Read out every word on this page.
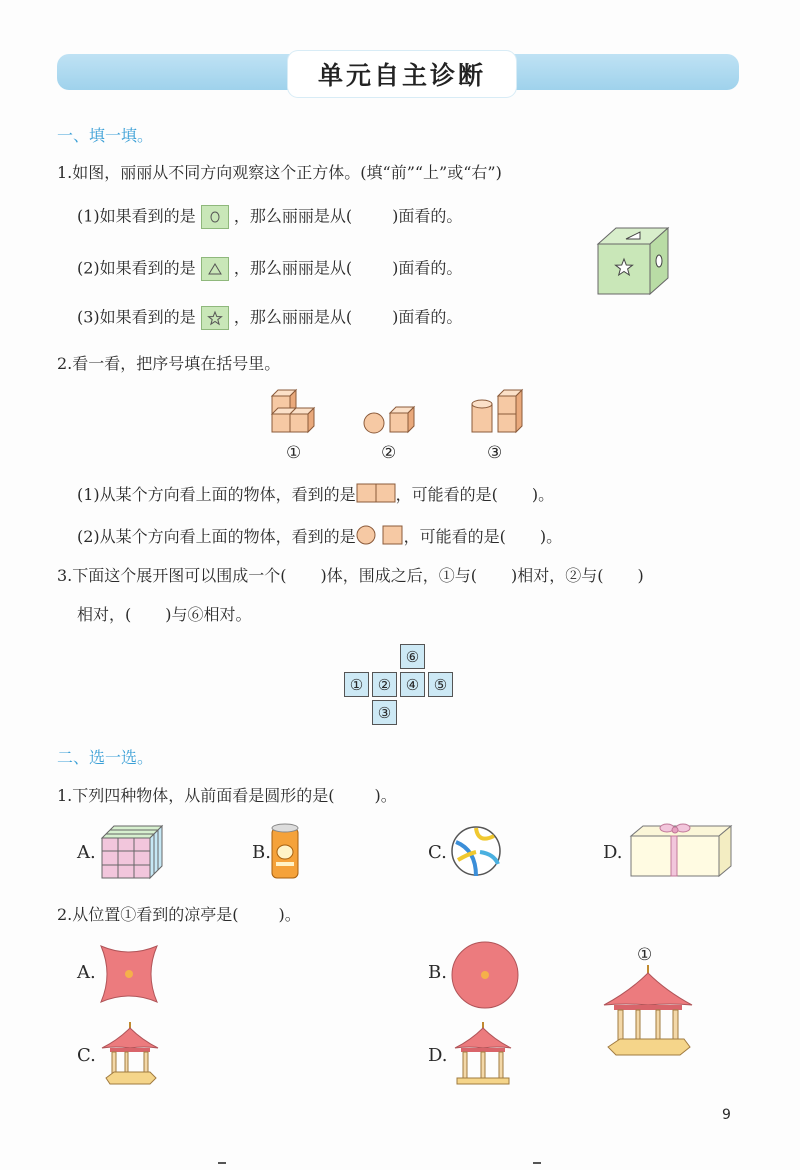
单元自主诊断
一、填一填。
1.如图，丽丽从不同方向观察这个正方体。(填“前”“上”或“右”)
(1)如果看到的是 ，那么丽丽是从(	)面看的。
(2)如果看到的是 ，那么丽丽是从(	)面看的。
(3)如果看到的是 ，那么丽丽是从(	)面看的。
2.看一看，把序号填在括号里。
①	②	③
(1)从某个方向看上面的物体，看到的是	，可能看的是( )。
(2)从某个方向看上面的物体，看到的是	，可能看的是( )。
3.下面这个展开图可以围成一个( )体，围成之后，①与( )相对，②与( )
相对，( )与⑥相对。
⑥
① ② ④ ⑤
③
二、选一选。
1.下列四种物体，从前面看是圆形的是(	)。
A.	B.	C.	D.
2.从位置①看到的凉亭是(	)。
A.	B.
①
C.	D.
9
